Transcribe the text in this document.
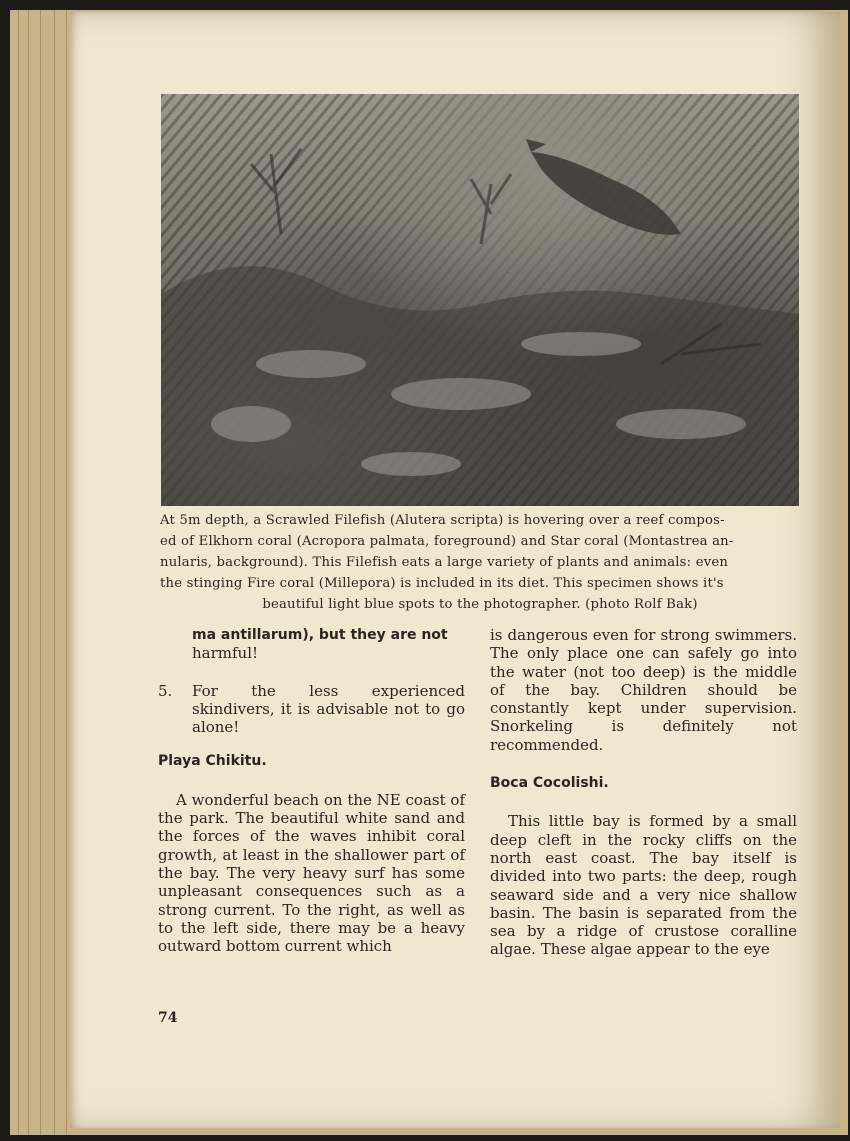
At 5m depth, a Scrawled Filefish (Alutera scripta) is hovering over a reef compos-
ed of Elkhorn coral (Acropora palmata, foreground) and Star coral (Montastrea an-
nularis, background). This Filefish eats a large variety of plants and animals: even
the stinging Fire coral (Millepora) is included in its diet. This specimen shows it's

beautiful light blue spots to the photographer. (photo Rolf Bak)
ma antillarum), but they are not
harmful!
5. For the less experienced skindivers, it is advisable not to go alone!
Playa Chikitu.

A wonderful beach on the NE coast of the park. The beautiful white sand and the forces of the waves inhibit coral growth, at least in the shallower part of the bay. The very heavy surf has some unpleasant consequences such as a strong current. To the right, as well as to the left side, there may be a heavy outward bottom current which

is dangerous even for strong swimmers. The only place one can safely go into the water (not too deep) is the middle of the bay. Children should be constantly kept under supervision. Snorkeling is definitely not recommended.

Boca Cocolishi.

This little bay is formed by a small deep cleft in the rocky cliffs on the north east coast. The bay itself is divided into two parts: the deep, rough seaward side and a very nice shallow basin. The basin is separated from the sea by a ridge of crustose coralline algae. These algae appear to the eye

74
